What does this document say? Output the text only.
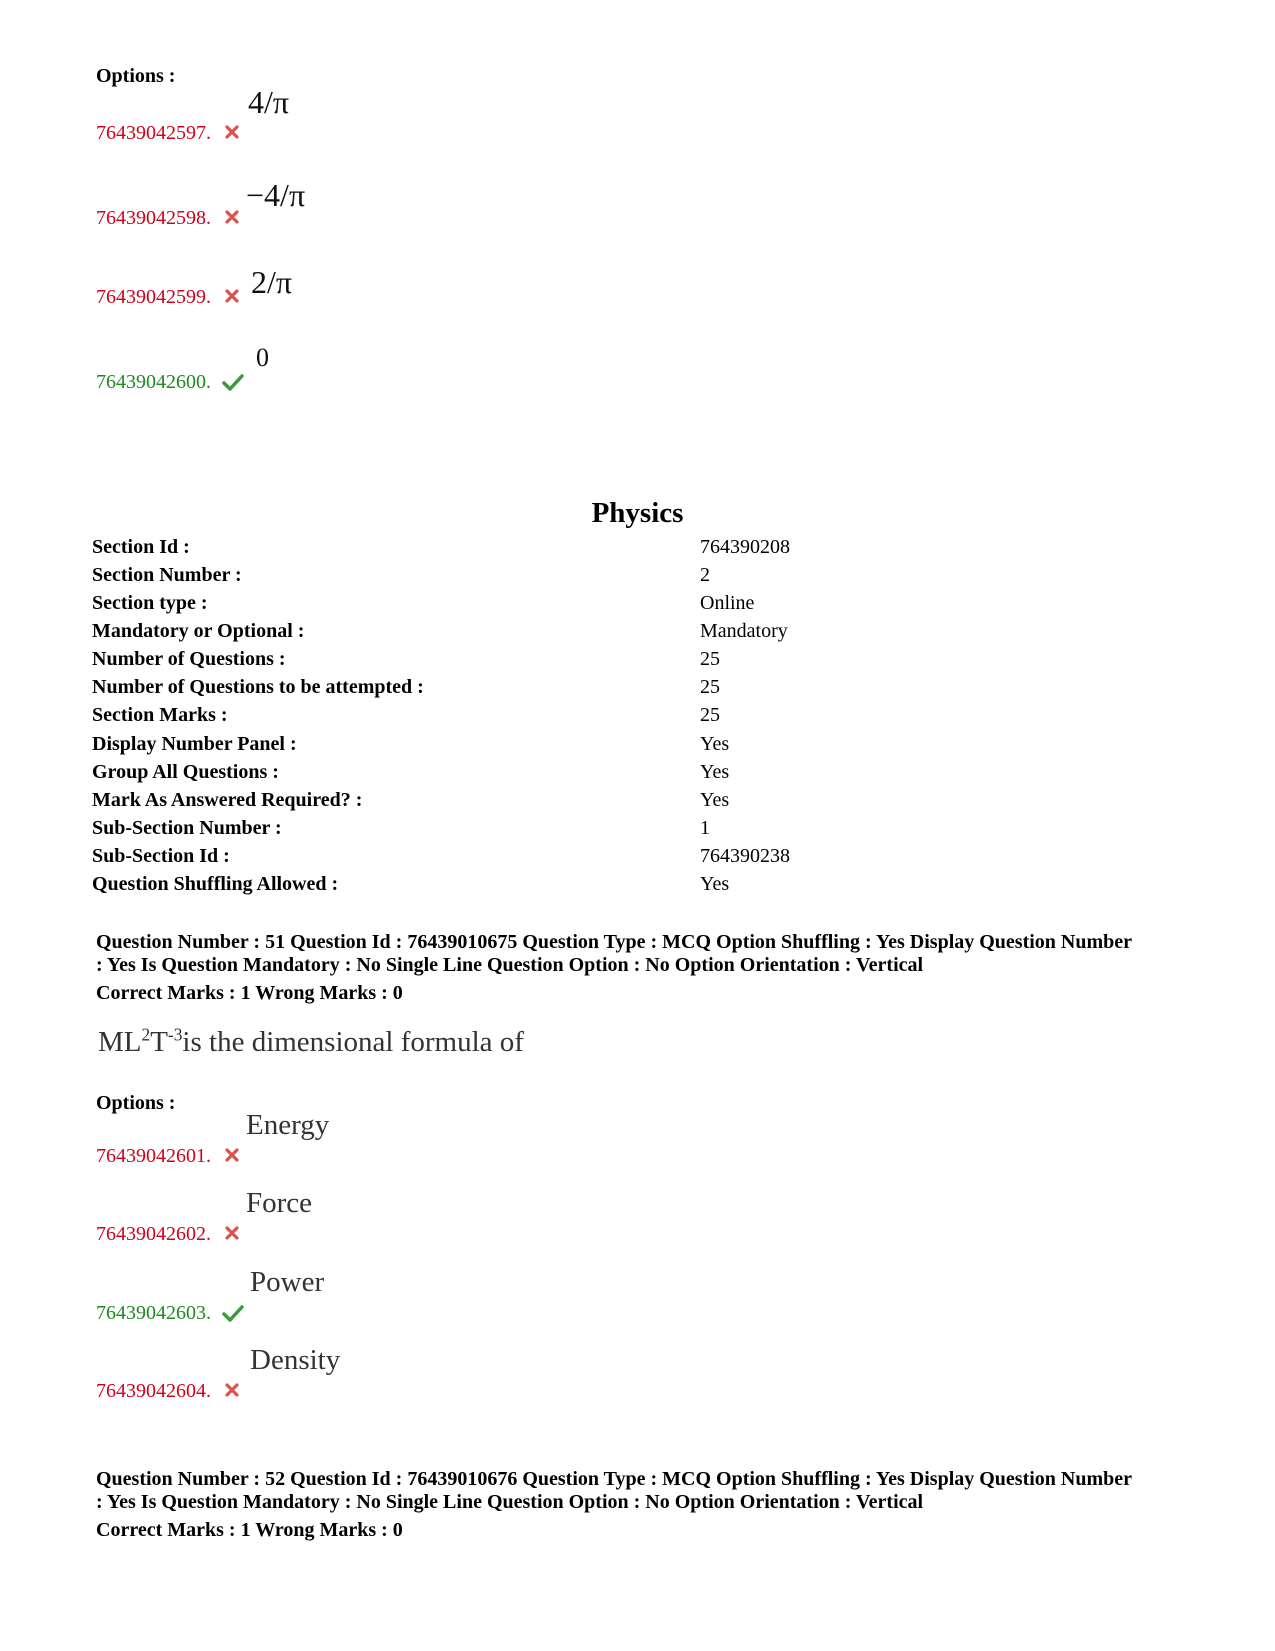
Options :
76439042597.
4/π
76439042598.
−4/π
76439042599. 2/π
76439042600.
0
Physics
Section Id :	764390208
Section Number :	2
Section type :	Online
Mandatory or Optional :	Mandatory
Number of Questions :	25
Number of Questions to be attempted :	25
Section Marks :	25
Display Number Panel :	Yes
Group All Questions :	Yes
Mark As Answered Required? :	Yes
Sub-Section Number :	1
Sub-Section Id :	764390238
Question Shuffling Allowed :	Yes
Question Number : 51 Question Id : 76439010675 Question Type : MCQ Option Shuffling : Yes Display Question Number
: Yes Is Question Mandatory : No Single Line Question Option : No Option Orientation : Vertical
Correct Marks : 1 Wrong Marks : 0
$ML^2T^{-3}is$ the dimensional formula of
Options :
76439042601.
Energy
76439042602.
Force
76439042603.
Power
76439042604.
Density
Question Number : 52 Question Id : 76439010676 Question Type : MCQ Option Shuffling : Yes Display Question Number
: Yes Is Question Mandatory : No Single Line Question Option : No Option Orientation : Vertical
Correct Marks : 1 Wrong Marks : 0
